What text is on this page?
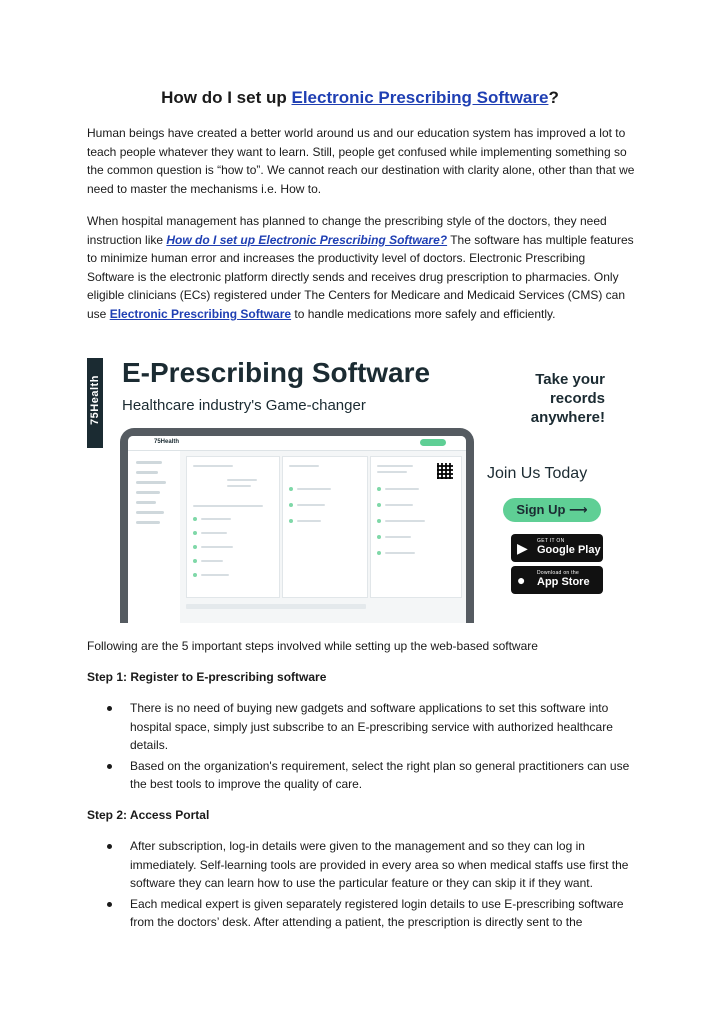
How do I set up Electronic Prescribing Software?
Human beings have created a better world around us and our education system has improved a lot to teach people whatever they want to learn. Still, people get confused while implementing something so the common question is “how to”. We cannot reach our destination with clarity alone, other than that we need to master the mechanisms i.e. How to.
When hospital management has planned to change the prescribing style of the doctors, they need instruction like How do I set up Electronic Prescribing Software? The software has multiple features to minimize human error and increases the productivity level of doctors. Electronic Prescribing Software is the electronic platform directly sends and receives drug prescription to pharmacies. Only eligible clinicians (ECs) registered under The Centers for Medicare and Medicaid Services (CMS) can use Electronic Prescribing Software to handle medications more safely and efficiently.
75Health
E-Prescribing Software
Healthcare industry's Game-changer
75Health
Take your
records
anywhere!
Join Us Today
Sign Up ⟶
▶ GET IT ON
Google Play
● Download on the
App Store
Following are the 5 important steps involved while setting up the web-based software
Step 1: Register to E-prescribing software
There is no need of buying new gadgets and software applications to set this software into hospital space, simply just subscribe to an E-prescribing service with authorized healthcare details.
Based on the organization's requirement, select the right plan so general practitioners can use the best tools to improve the quality of care.
Step 2: Access Portal
After subscription, log-in details were given to the management and so they can log in immediately. Self-learning tools are provided in every area so when medical staffs use first the software they can learn how to use the particular feature or they can skip it if they want.
Each medical expert is given separately registered login details to use E-prescribing software from the doctors’ desk. After attending a patient, the prescription is directly sent to the
